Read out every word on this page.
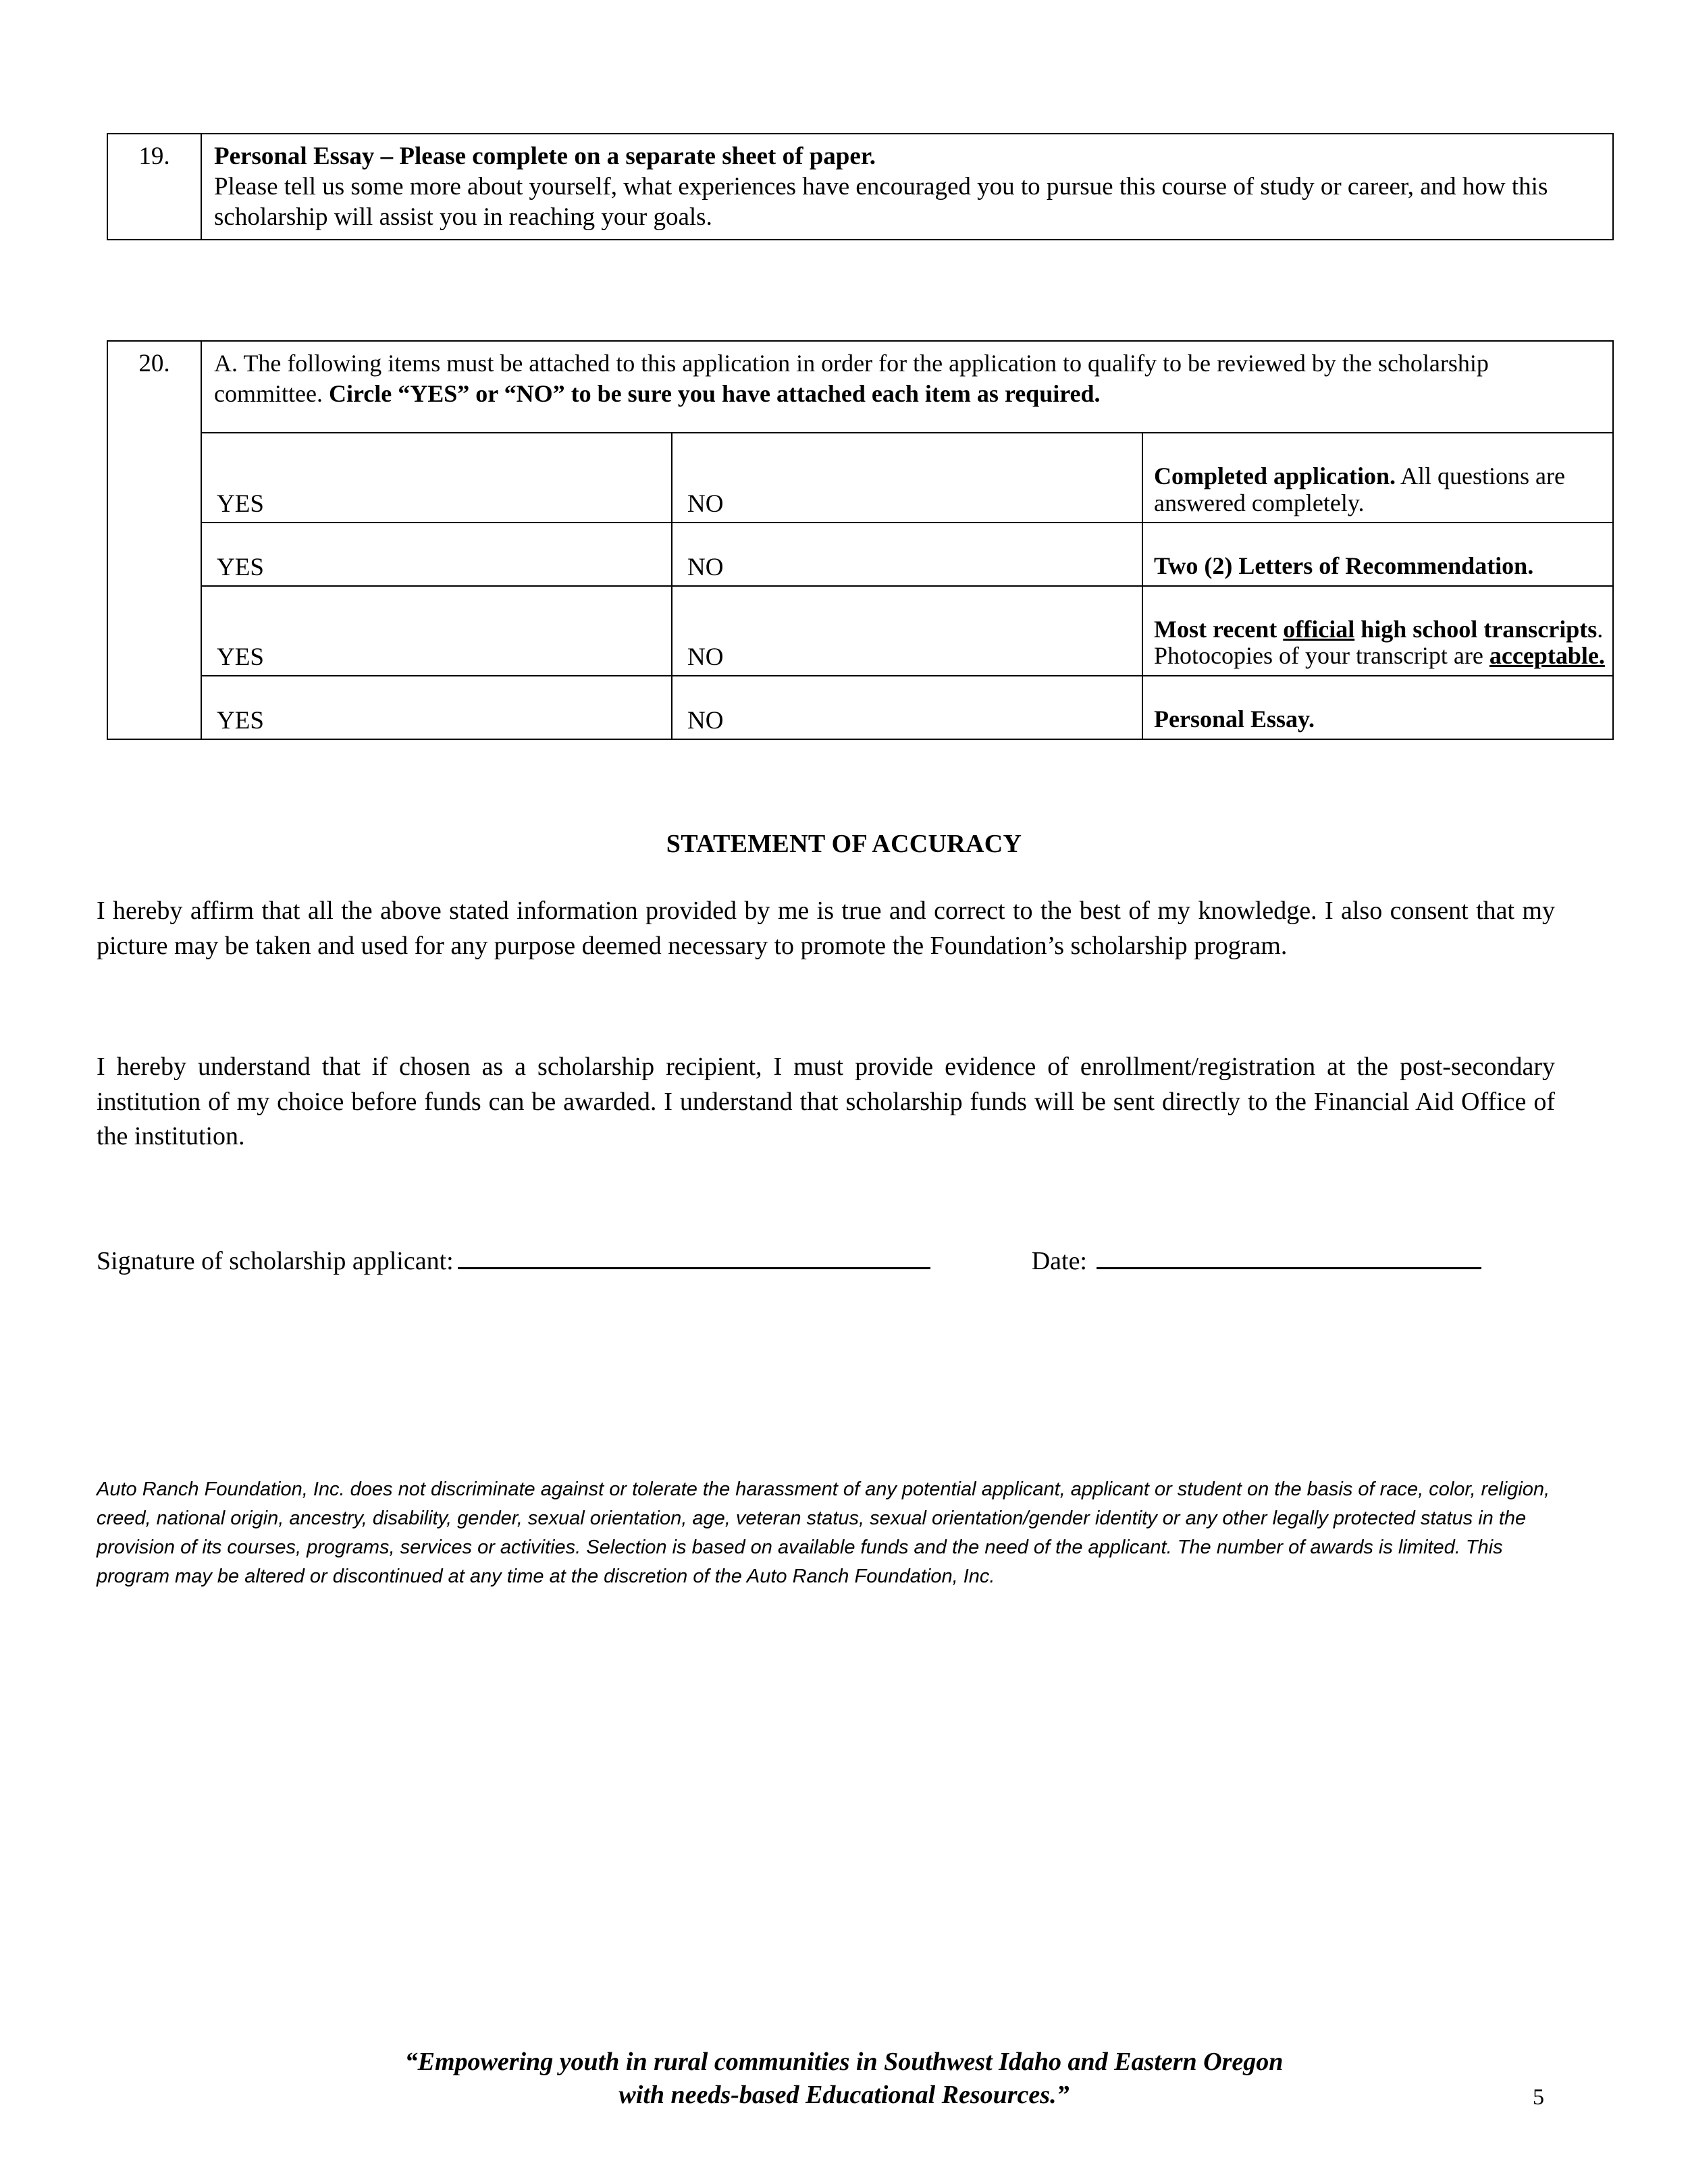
19.	Personal Essay – Please complete on a separate sheet of paper.
Please tell us some more about yourself, what experiences have encouraged you to pursue this course of study or career, and how this scholarship will assist you in reaching your goals.
20.	A. The following items must be attached to this application in order for the application to qualify to be reviewed by the scholarship committee. Circle “YES” or “NO” to be sure you have attached each item as required.		
	YES	NO	Completed application. All questions are answered completely.
	YES	NO	Two (2) Letters of Recommendation.
	YES	NO	Most recent official high school transcripts. Photocopies of your transcript are acceptable.
	YES	NO	Personal Essay.
STATEMENT OF ACCURACY
I hereby affirm that all the above stated information provided by me is true and correct to the best of my knowledge. I also consent that my picture may be taken and used for any purpose deemed necessary to promote the Foundation’s scholarship program.
I hereby understand that if chosen as a scholarship recipient, I must provide evidence of enrollment/registration at the post-secondary institution of my choice before funds can be awarded. I understand that scholarship funds will be sent directly to the Financial Aid Office of the institution.
Signature of scholarship applicant:	Date:
Auto Ranch Foundation, Inc. does not discriminate against or tolerate the harassment of any potential applicant, applicant or student on the basis of race, color, religion, creed, national origin, ancestry, disability, gender, sexual orientation, age, veteran status, sexual orientation/gender identity or any other legally protected status in the provision of its courses, programs, services or activities. Selection is based on available funds and the need of the applicant. The number of awards is limited. This program may be altered or discontinued at any time at the discretion of the Auto Ranch Foundation, Inc.
“Empowering youth in rural communities in Southwest Idaho and Eastern Oregon
with needs-based Educational Resources.”	5
